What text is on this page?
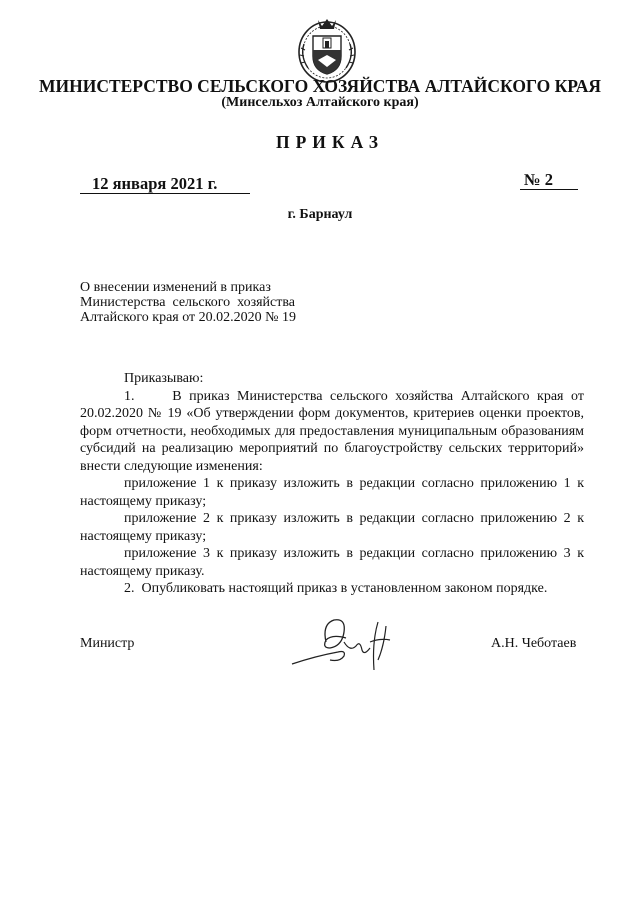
МИНИСТЕРСТВО СЕЛЬСКОГО ХОЗЯЙСТВА АЛТАЙСКОГО КРАЯ
(Минсельхоз Алтайского края)
ПРИКАЗ
12 января 2021 г.	№ 2
г. Барнаул
О внесении изменений в приказ
Министерства  сельского  хозяйства
Алтайского края от 20.02.2020 № 19
Приказываю:
1.     В приказ Министерства сельского хозяйства Алтайского края от 20.02.2020 № 19 «Об утверждении форм документов, критериев оценки проектов, форм отчетности, необходимых для предоставления муниципальным образованиям субсидий на реализацию мероприятий по благоустройству сельских территорий» внести следующие изменения:
приложение 1 к приказу изложить в редакции согласно приложению 1 к настоящему приказу;
приложение 2 к приказу изложить в редакции согласно приложению 2 к настоящему приказу;
приложение 3 к приказу изложить в редакции согласно приложению 3 к настоящему приказу.
2.  Опубликовать настоящий приказ в установленном законом порядке.
Министр	А.Н. Чеботаев
